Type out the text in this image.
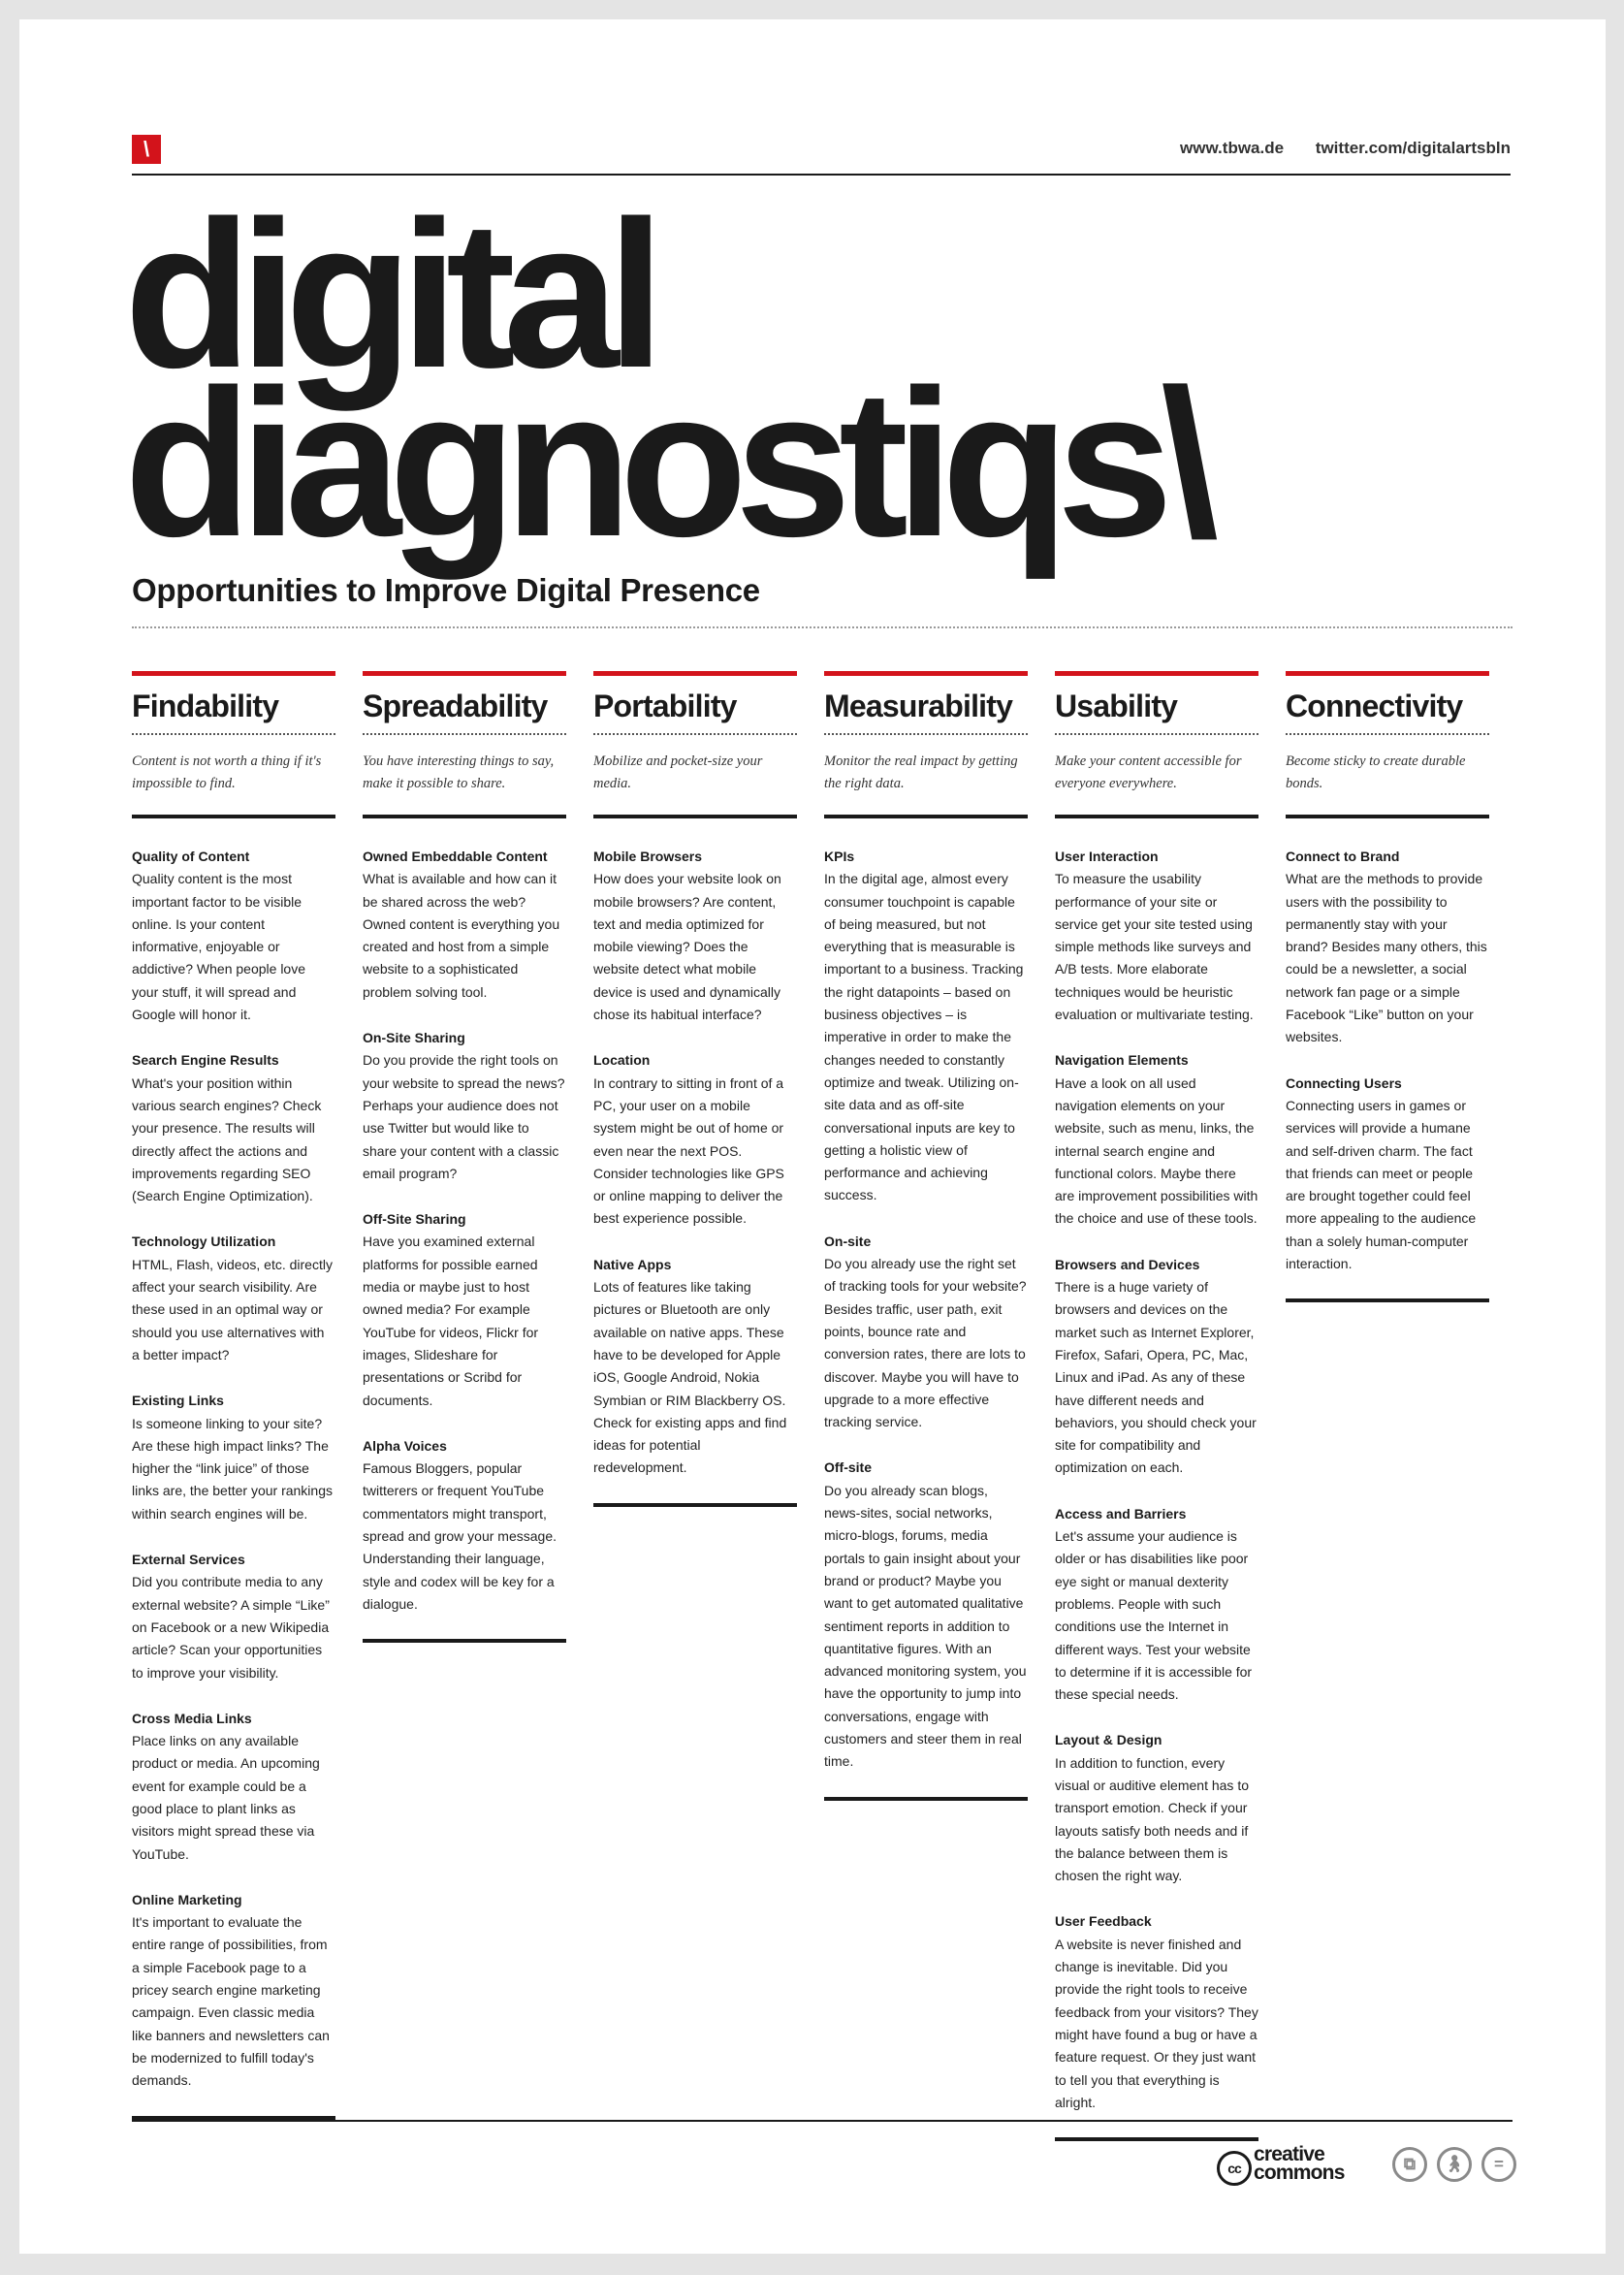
\	www.tbwa.de twitter.com/digitalartsbln
digital
diagnostiqs\
Opportunities to Improve Digital Presence
Findability
Content is not worth a thing if it's impossible to find.
Quality of Content
Quality content is the most important factor to be visible online. Is your content informative, enjoyable or addictive? When people love your stuff, it will spread and Google will honor it.
Search Engine Results
What's your position within various search engines? Check your presence. The results will directly affect the actions and improvements regarding SEO (Search Engine Optimization).
Technology Utilization
HTML, Flash, videos, etc. directly affect your search visibility. Are these used in an optimal way or should you use alternatives with a better impact?
Existing Links
Is someone linking to your site? Are these high impact links? The higher the “link juice” of those links are, the better your rankings within search engines will be.
External Services
Did you contribute media to any external website? A simple “Like” on Facebook or a new Wikipedia article? Scan your opportunities to improve your visibility.
Cross Media Links
Place links on any available product or media. An upcoming event for example could be a good place to plant links as visitors might spread these via YouTube.
Online Marketing
It's important to evaluate the entire range of possibilities, from a simple Facebook page to a pricey search engine marketing campaign. Even classic media like banners and newsletters can be modernized to fulfill today's demands.
Spreadability
You have interesting things to say, make it possible to share.
Owned Embeddable Content
What is available and how can it be shared across the web? Owned content is everything you created and host from a simple website to a sophisticated problem solving tool.
On-Site Sharing
Do you provide the right tools on your website to spread the news? Perhaps your audience does not use Twitter but would like to share your content with a classic email program?
Off-Site Sharing
Have you examined external platforms for possible earned media or maybe just to host owned media? For example YouTube for videos, Flickr for images, Slideshare for presentations or Scribd for documents.
Alpha Voices
Famous Bloggers, popular twitterers or frequent YouTube commentators might transport, spread and grow your message. Understanding their language, style and codex will be key for a dialogue.
Portability
Mobilize and pocket-size your media.
Mobile Browsers
How does your website look on mobile browsers? Are content, text and media optimized for mobile viewing? Does the website detect what mobile device is used and dynamically chose its habitual interface?
Location
In contrary to sitting in front of a PC, your user on a mobile system might be out of home or even near the next POS. Consider technologies like GPS or online mapping to deliver the best experience possible.
Native Apps
Lots of features like taking pictures or Bluetooth are only available on native apps. These have to be developed for Apple iOS, Google Android, Nokia Symbian or RIM Blackberry OS. Check for existing apps and find ideas for potential redevelopment.
Measurability
Monitor the real impact by getting the right data.
KPIs
In the digital age, almost every consumer touchpoint is capable of being measured, but not everything that is measurable is important to a business. Tracking the right datapoints – based on business objectives – is imperative in order to make the changes needed to constantly optimize and tweak. Utilizing on-site data and as off-site conversational inputs are key to getting a holistic view of performance and achieving success.
On-site
Do you already use the right set of tracking tools for your website? Besides traffic, user path, exit points, bounce rate and conversion rates, there are lots to discover. Maybe you will have to upgrade to a more effective tracking service.
Off-site
Do you already scan blogs, news-sites, social networks, micro-blogs, forums, media portals to gain insight about your brand or product? Maybe you want to get automated qualitative sentiment reports in addition to quantitative figures. With an advanced monitoring system, you have the opportunity to jump into conversations, engage with customers and steer them in real time.
Usability
Make your content accessible for everyone everywhere.
User Interaction
To measure the usability performance of your site or service get your site tested using simple methods like surveys and A/B tests. More elaborate techniques would be heuristic evaluation or multivariate testing.
Navigation Elements
Have a look on all used navigation elements on your website, such as menu, links, the internal search engine and functional colors. Maybe there are improvement possibilities with the choice and use of these tools.
Browsers and Devices
There is a huge variety of browsers and devices on the market such as Internet Explorer, Firefox, Safari, Opera, PC, Mac, Linux and iPad. As any of these have different needs and behaviors, you should check your site for compatibility and optimization on each.
Access and Barriers
Let's assume your audience is older or has disabilities like poor eye sight or manual dexterity problems. People with such conditions use the Internet in different ways. Test your website to determine if it is accessible for these special needs.
Layout & Design
In addition to function, every visual or auditive element has to transport emotion. Check if your layouts satisfy both needs and if the balance between them is chosen the right way.
User Feedback
A website is never finished and change is inevitable. Did you provide the right tools to receive feedback from your visitors? They might have found a bug or have a feature request. Or they just want to tell you that everything is alright.
Connectivity
Become sticky to create durable bonds.
Connect to Brand
What are the methods to provide users with the possibility to permanently stay with your brand? Besides many others, this could be a newsletter, a social network fan page or a simple Facebook “Like” button on your websites.
Connecting Users
Connecting users in games or services will provide a humane and self-driven charm. The fact that friends can meet or people are brought together could feel more appealing to the audience than a solely human-computer interaction.
cc
creative
commons	⧉	🚶︎	=
